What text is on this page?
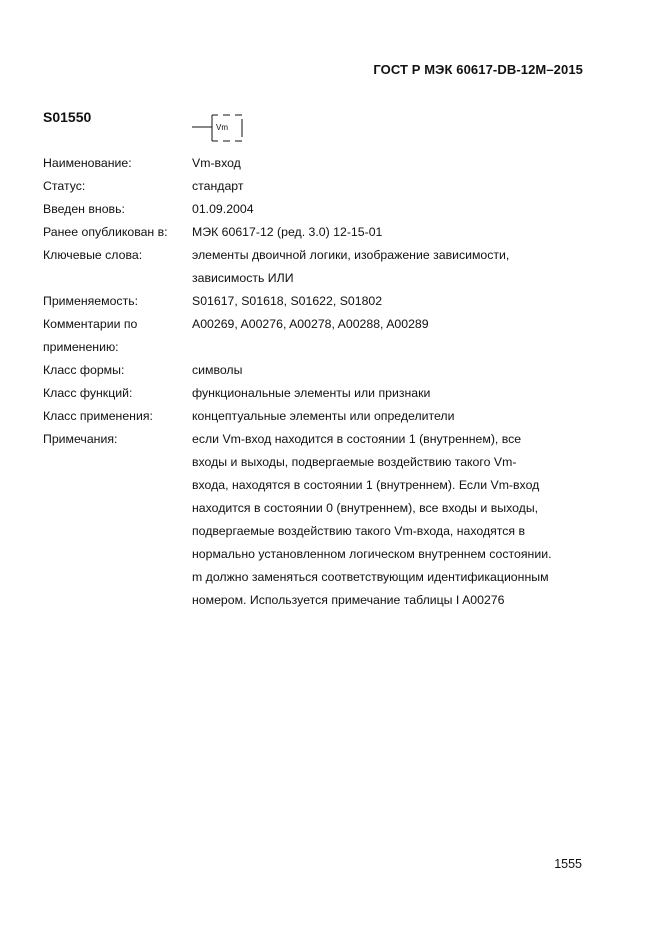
ГОСТ Р МЭК 60617-DB-12M–2015
S01550
Vm
Наименование:	Vm-вход
Статус:	стандарт
Введен вновь:	01.09.2004
Ранее опубликован в:	МЭК 60617-12 (ред. 3.0) 12-15-01
Ключевые слова:	элементы двоичной логики, изображение зависимости,
зависимость ИЛИ
Применяемость:	S01617, S01618, S01622, S01802
Комментарии по применению:
A00269, A00276, A00278, A00288, A00289
Класс формы:	символы
Класс функций:	функциональные элементы или признаки
Класс применения:	концептуальные элементы или определители
Примечания:	если Vm-вход находится в состоянии 1 (внутреннем), все
входы и выходы, подвергаемые воздействию такого Vm-
входа, находятся в состоянии 1 (внутреннем). Если Vm-вход
находится в состоянии 0 (внутреннем), все входы и выходы,
подвергаемые воздействию такого Vm-входа, находятся в
нормально установленном логическом внутреннем состоянии.
m должно заменяться соответствующим идентификационным
номером. Используется примечание таблицы I A00276
1555
